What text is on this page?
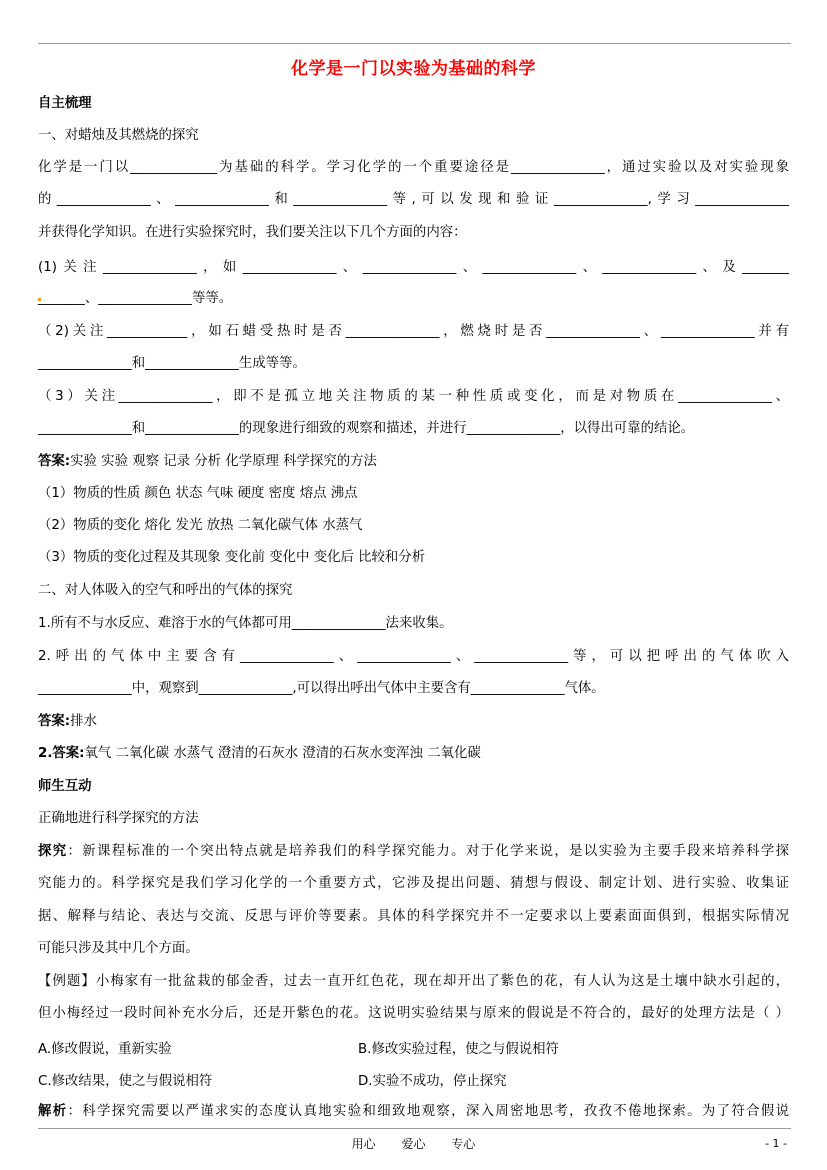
化学是一门以实验为基础的科学
自主梳理
一、对蜡烛及其燃烧的探究
化学是一门以_____________为基础的科学。学习化学的一个重要途径是______________，通过实验以及对实验现象
的______________、______________和______________等,可以发现和验证______________,学习______________
并获得化学知识。在进行实验探究时，我们要关注以下几个方面的内容：
(1)关注______________，如______________、______________、______________、______________、及_______
_______、______________等等。
（2)关注____________，如石蜡受热时是否______________，燃烧时是否______________、______________并有
______________和______________生成等等。
（3）关注______________，即不是孤立地关注物质的某一种性质或变化，而是对物质在______________、
______________和______________的现象进行细致的观察和描述，并进行______________，以得出可靠的结论。
答案:实验 实验 观察 记录 分析 化学原理 科学探究的方法
（1）物质的性质 颜色 状态 气味 硬度 密度 熔点 沸点
（2）物质的变化 熔化 发光 放热 二氧化碳气体 水蒸气
（3）物质的变化过程及其现象 变化前 变化中 变化后 比较和分析
二、对人体吸入的空气和呼出的气体的探究
1.所有不与水反应、难溶于水的气体都可用______________法来收集。
2.呼出的气体中主要含有______________、______________、______________等，可以把呼出的气体吹入
______________中，观察到______________,可以得出呼出气体中主要含有______________气体。
答案:排水
2.答案:氧气 二氧化碳 水蒸气 澄清的石灰水 澄清的石灰水变浑浊 二氧化碳
师生互动
正确地进行科学探究的方法
探究：新课程标准的一个突出特点就是培养我们的科学探究能力。对于化学来说，是以实验为主要手段来培养科学探
究能力的。科学探究是我们学习化学的一个重要方式，它涉及提出问题、猜想与假设、制定计划、进行实验、收集证
据、解释与结论、表达与交流、反思与评价等要素。具体的科学探究并不一定要求以上要素面面俱到，根据实际情况
可能只涉及其中几个方面。
【例题】小梅家有一批盆栽的郁金香，过去一直开红色花，现在却开出了紫色的花，有人认为这是土壤中缺水引起的，
但小梅经过一段时间补充水分后，还是开紫色的花。这说明实验结果与原来的假说是不符合的，最好的处理方法是（ ）
A.修改假说，重新实验	B.修改实验过程，使之与假说相符
C.修改结果，使之与假说相符	D.实验不成功，停止探究
解析：科学探究需要以严谨求实的态度认真地实验和细致地观察，深入周密地思考，孜孜不倦地探索。为了符合假说
用心 爱心 专心	- 1 -
